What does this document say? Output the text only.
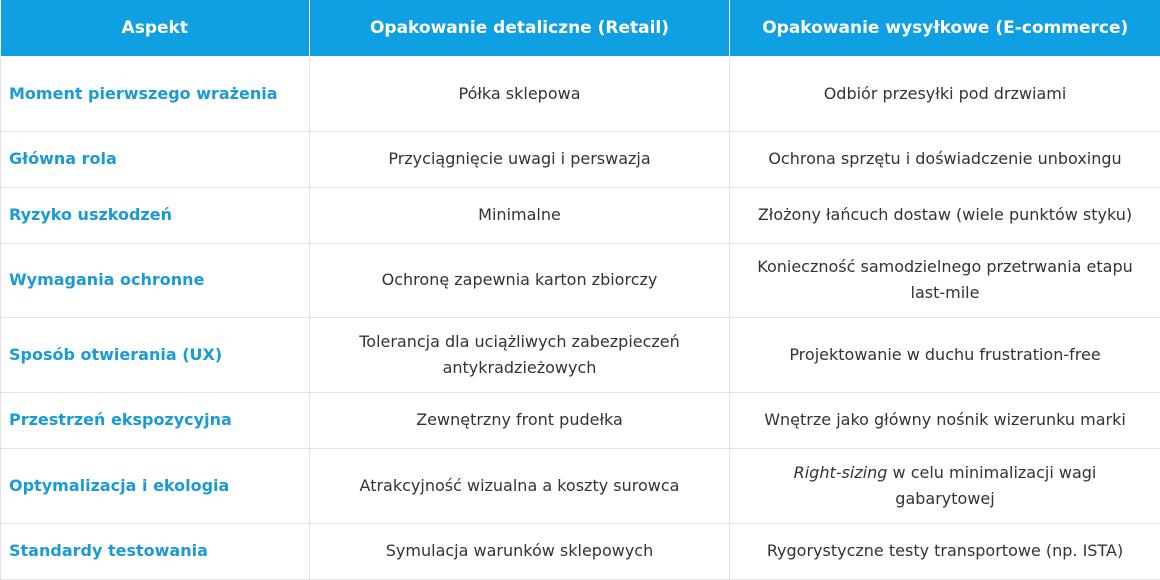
Aspekt	Opakowanie detaliczne (Retail)	Opakowanie wysyłkowe (E-commerce)
Moment pierwszego wrażenia	Półka sklepowa	Odbiór przesyłki pod drzwiami
Główna rola	Przyciągnięcie uwagi i perswazja	Ochrona sprzętu i doświadczenie unboxingu
Ryzyko uszkodzeń	Minimalne	Złożony łańcuch dostaw (wiele punktów styku)
Wymagania ochronne	Ochronę zapewnia karton zbiorczy	Konieczność samodzielnego przetrwania etapu last-mile
Sposób otwierania (UX)	Tolerancja dla uciążliwych zabezpieczeń antykradzieżowych	Projektowanie w duchu frustration-free
Przestrzeń ekspozycyjna	Zewnętrzny front pudełka	Wnętrze jako główny nośnik wizerunku marki
Optymalizacja i ekologia	Atrakcyjność wizualna a koszty surowca	Right-sizing w celu minimalizacji wagi gabarytowej
Standardy testowania	Symulacja warunków sklepowych	Rygorystyczne testy transportowe (np. ISTA)
